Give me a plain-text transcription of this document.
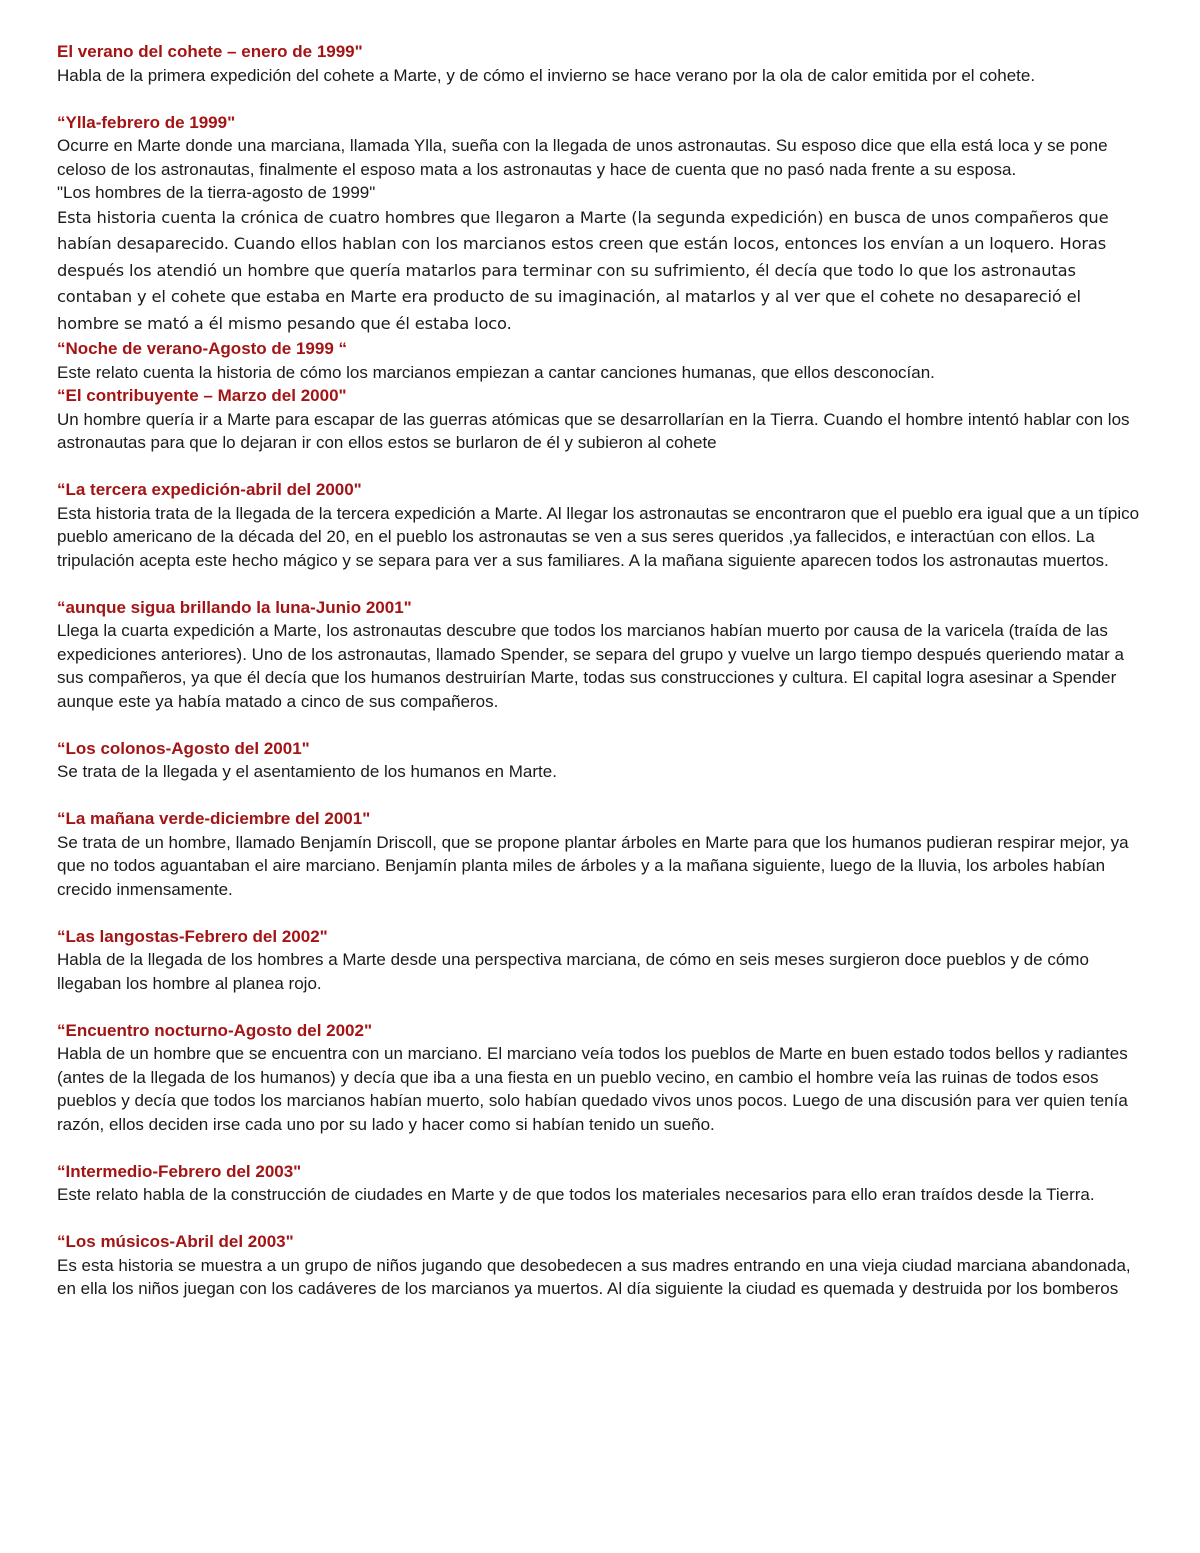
El verano del cohete – enero de 1999"

Habla de la primera expedición del cohete a Marte, y de cómo el invierno se hace verano por la ola de calor emitida por el cohete.

“Ylla-febrero de 1999"

Ocurre en Marte donde una marciana, llamada Ylla, sueña con la llegada de unos astronautas. Su esposo dice que ella está loca y se pone celoso de los astronautas, finalmente el esposo mata a los astronautas y hace de cuenta que no pasó nada frente a su esposa.

"Los hombres de la tierra-agosto de 1999"

Esta historia cuenta la crónica de cuatro hombres que llegaron a Marte (la segunda expedición) en busca de unos compañeros que habían desaparecido. Cuando ellos hablan con los marcianos estos creen que están locos, entonces los envían a un loquero. Horas después los atendió un hombre que quería matarlos para terminar con su sufrimiento, él decía que todo lo que los astronautas contaban y el cohete que estaba en Marte era producto de su imaginación, al matarlos y al ver que el cohete no desapareció el hombre se mató a él mismo pesando que él estaba loco.

“Noche de verano-Agosto de 1999 “

Este relato cuenta la historia de cómo los marcianos empiezan a cantar canciones humanas, que ellos desconocían.

“El contribuyente – Marzo del 2000"

Un hombre quería ir a Marte para escapar de las guerras atómicas que se desarrollarían en la Tierra. Cuando el hombre intentó hablar con los astronautas para que lo dejaran ir con ellos estos se burlaron de él y subieron al cohete

“La tercera expedición-abril del 2000"

Esta historia trata de la llegada de la tercera expedición a Marte. Al llegar los astronautas se encontraron que el pueblo era igual que a un típico pueblo americano de la década del 20, en el pueblo los astronautas se ven a sus seres queridos ,ya fallecidos, e interactúan con ellos. La tripulación acepta este hecho mágico y se separa para ver a sus familiares. A la mañana siguiente aparecen todos los astronautas muertos.

“aunque sigua brillando la luna-Junio 2001"

Llega la cuarta expedición a Marte, los astronautas descubre que todos los marcianos habían muerto por causa de la varicela (traída de las expediciones anteriores). Uno de los astronautas, llamado Spender, se separa del grupo y vuelve un largo tiempo después queriendo matar a sus compañeros, ya que él decía que los humanos destruirían Marte, todas sus construcciones y cultura. El capital logra asesinar a Spender aunque este ya había matado a cinco de sus compañeros.

“Los colonos-Agosto del 2001"

Se trata de la llegada y el asentamiento de los humanos en Marte.

“La mañana verde-diciembre del 2001"

Se trata de un hombre, llamado Benjamín Driscoll, que se propone plantar árboles en Marte para que los humanos pudieran respirar mejor, ya que no todos aguantaban el aire marciano. Benjamín planta miles de árboles y a la mañana siguiente, luego de la lluvia, los arboles habían crecido inmensamente.

“Las langostas-Febrero del 2002"

Habla de la llegada de los hombres a Marte desde una perspectiva marciana, de cómo en seis meses surgieron doce pueblos y de cómo llegaban los hombre al planea rojo.

“Encuentro nocturno-Agosto del 2002"

Habla de un hombre que se encuentra con un marciano. El marciano veía todos los pueblos de Marte en buen estado todos bellos y radiantes (antes de la llegada de los humanos) y decía que iba a una fiesta en un pueblo vecino, en cambio el hombre veía las ruinas de todos esos pueblos y decía que todos los marcianos habían muerto, solo habían quedado vivos unos pocos. Luego de una discusión para ver quien tenía razón, ellos deciden irse cada uno por su lado y hacer como si habían tenido un sueño.

“Intermedio-Febrero del 2003"

Este relato habla de la construcción de ciudades en Marte y de que todos los materiales necesarios para ello eran traídos desde la Tierra.

“Los músicos-Abril del 2003"

Es esta historia se muestra a un grupo de niños jugando que desobedecen a sus madres entrando en una vieja ciudad marciana abandonada, en ella los niños juegan con los cadáveres de los marcianos ya muertos. Al día siguiente la ciudad es quemada y destruida por los bomberos
